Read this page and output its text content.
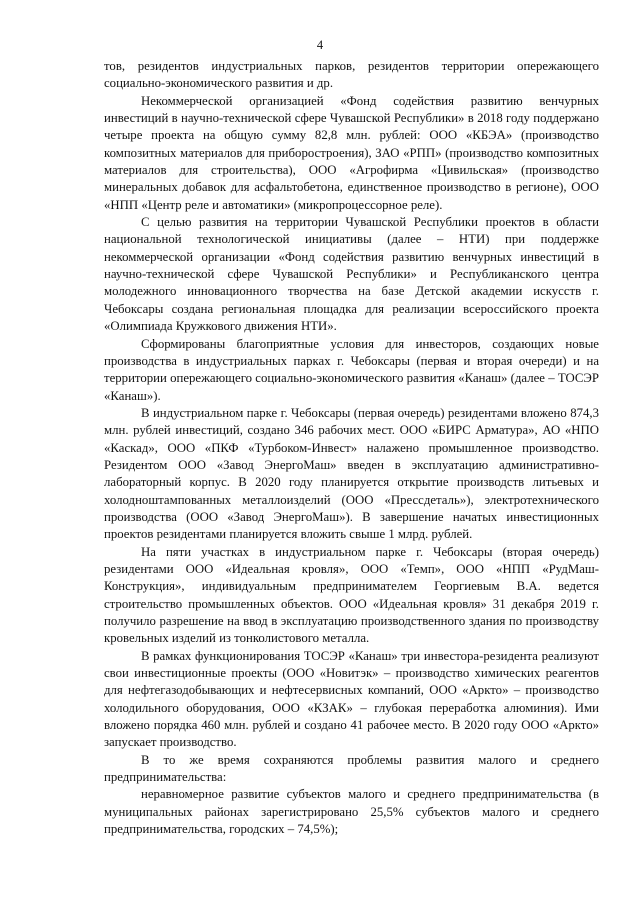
4

тов, резидентов индустриальных парков, резидентов территории опережающего социально-экономического развития и др.

Некоммерческой организацией «Фонд содействия развитию венчурных инвестиций в научно-технической сфере Чувашской Республики» в 2018 году поддержано четыре проекта на общую сумму 82,8 млн. рублей: ООО «КБЭА» (производство композитных материалов для приборостроения), ЗАО «РПП» (производство композитных материалов для строительства), ООО «Агрофирма «Цивильская» (производство минеральных добавок для асфальтобетона, единственное производство в регионе), ООО «НПП «Центр реле и автоматики» (микропроцессорное реле).

С целью развития на территории Чувашской Республики проектов в области национальной технологической инициативы (далее – НТИ) при поддержке некоммерческой организации «Фонд содействия развитию венчурных инвестиций в научно-технической сфере Чувашской Республики» и Республиканского центра молодежного инновационного творчества на базе Детской академии искусств г. Чебоксары создана региональная площадка для реализации всероссийского проекта «Олимпиада Кружкового движения НТИ».

Сформированы благоприятные условия для инвесторов, создающих новые производства в индустриальных парках г. Чебоксары (первая и вторая очереди) и на территории опережающего социально-экономического развития «Канаш» (далее – ТОСЭР «Канаш»).

В индустриальном парке г. Чебоксары (первая очередь) резидентами вложено 874,3 млн. рублей инвестиций, создано 346 рабочих мест. ООО «БИРС Арматура», АО «НПО «Каскад», ООО «ПКФ «Турбоком-Инвест» налажено промышленное производство. Резидентом ООО «Завод ЭнергоМаш» введен в эксплуатацию административно-лабораторный корпус. В 2020 году планируется открытие производств литьевых и холодноштампованных металлоизделий (ООО «Прессдеталь»), электротехнического производства (ООО «Завод ЭнергоМаш»). В завершение начатых инвестиционных проектов резидентами планируется вложить свыше 1 млрд. рублей.

На пяти участках в индустриальном парке г. Чебоксары (вторая очередь) резидентами ООО «Идеальная кровля», ООО «Темп», ООО «НПП «РудМаш-Конструкция», индивидуальным предпринимателем Георгиевым В.А. ведется строительство промышленных объектов. ООО «Идеальная кровля» 31 декабря 2019 г. получило разрешение на ввод в эксплуатацию производственного здания по производству кровельных изделий из тонколистового металла.

В рамках функционирования ТОСЭР «Канаш» три инвестора-резидента реализуют свои инвестиционные проекты (ООО «Новитэк» – производство химических реагентов для нефтегазодобывающих и нефтесервисных компаний, ООО «Аркто» – производство холодильного оборудования, ООО «КЗАК» – глубокая переработка алюминия). Ими вложено порядка 460 млн. рублей и создано 41 рабочее место. В 2020 году ООО «Аркто» запускает производство.

В то же время сохраняются проблемы развития малого и среднего предпринимательства:

неравномерное развитие субъектов малого и среднего предпринимательства (в муниципальных районах зарегистрировано 25,5% субъектов малого и среднего предпринимательства, городских – 74,5%);
